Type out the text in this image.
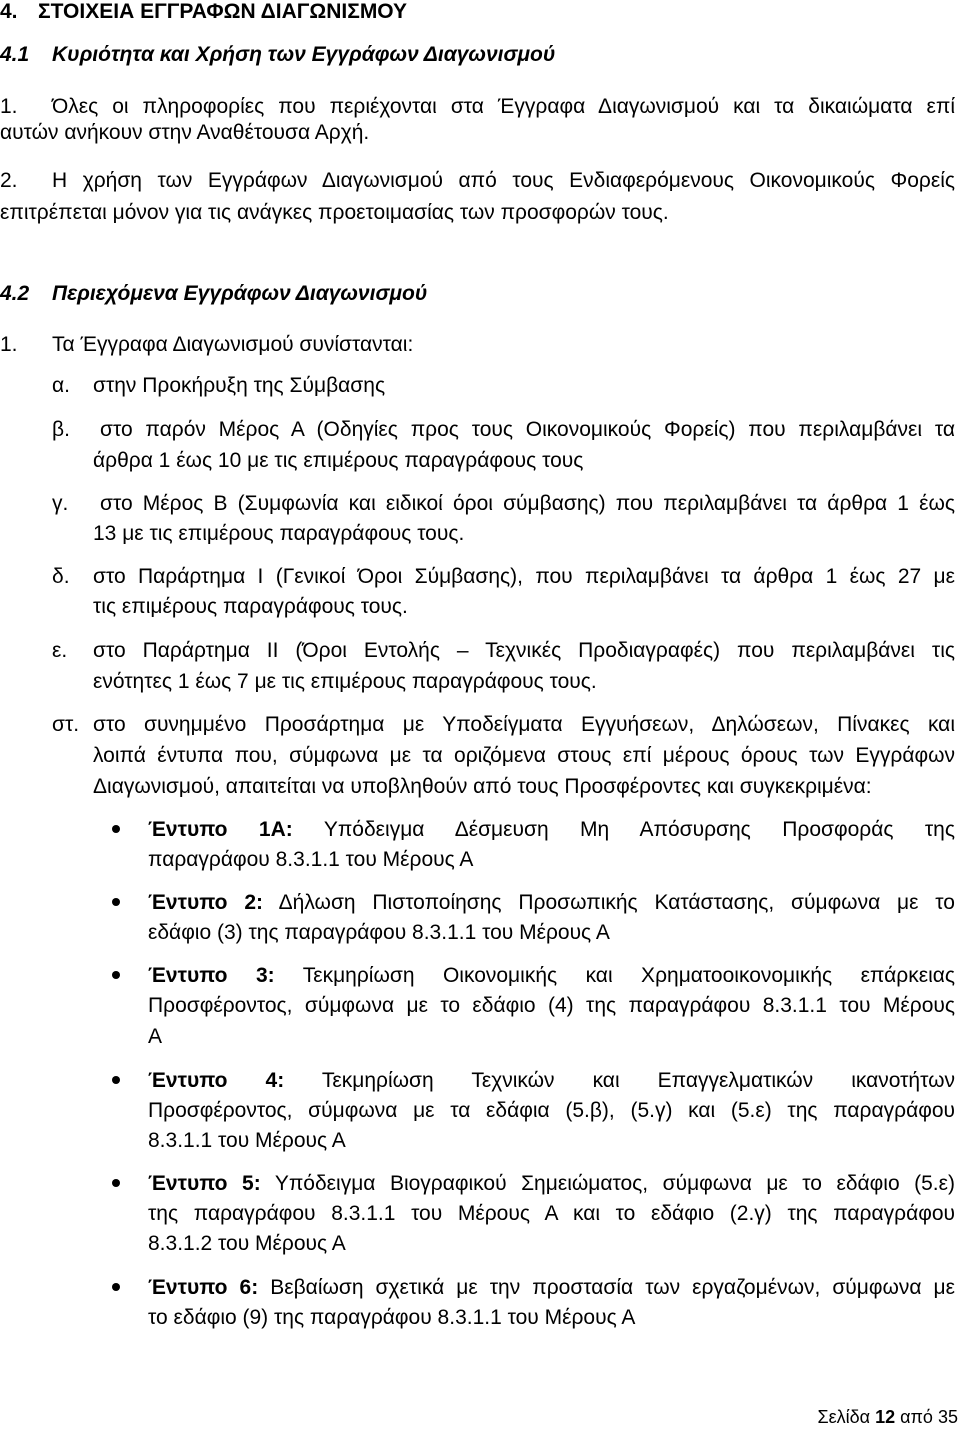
4. ΣΤΟΙΧΕΙΑ ΕΓΓΡΑΦΩΝ ΔΙΑΓΩΝΙΣΜΟΥ
4.1 Κυριότητα και Χρήση των Εγγράφων Διαγωνισμού
1. Όλες οι πληροφορίες που περιέχονται στα Έγγραφα Διαγωνισμού και τα δικαιώματα επί
αυτών ανήκουν στην Αναθέτουσα Αρχή.
2. Η χρήση των Εγγράφων Διαγωνισμού από τους Ενδιαφερόμενους Οικονομικούς Φορείς
επιτρέπεται μόνον για τις ανάγκες προετοιμασίας των προσφορών τους.
4.2 Περιεχόμενα Εγγράφων Διαγωνισμού
1. Τα Έγγραφα Διαγωνισμού συνίστανται:
α. στην Προκήρυξη της Σύμβασης
β. στο παρόν Μέρος Α (Οδηγίες προς τους Οικονομικούς Φορείς) που περιλαμβάνει τα
άρθρα 1 έως 10 με τις επιμέρους παραγράφους τους
γ. στο Μέρος Β (Συμφωνία και ειδικοί όροι σύμβασης) που περιλαμβάνει τα άρθρα 1 έως
13 με τις επιμέρους παραγράφους τους.
δ. στο Παράρτημα Ι (Γενικοί Όροι Σύμβασης), που περιλαμβάνει τα άρθρα 1 έως 27 με
τις επιμέρους παραγράφους τους.
ε. στο Παράρτημα ΙΙ (Όροι Εντολής – Τεχνικές Προδιαγραφές) που περιλαμβάνει τις
ενότητες 1 έως 7 με τις επιμέρους παραγράφους τους.
στ. στο συνημμένο Προσάρτημα με Υποδείγματα Εγγυήσεων, Δηλώσεων, Πίνακες και
λοιπά έντυπα που, σύμφωνα με τα οριζόμενα στους επί μέρους όρους των Εγγράφων
Διαγωνισμού, απαιτείται να υποβληθούν από τους Προσφέροντες και συγκεκριμένα:
Έντυπο 1Α: Υπόδειγμα Δέσμευση Μη Απόσυρσης Προσφοράς της
παραγράφου 8.3.1.1 του Μέρους Α
Έντυπο 2: Δήλωση Πιστοποίησης Προσωπικής Κατάστασης, σύμφωνα με το
εδάφιο (3) της παραγράφου 8.3.1.1 του Μέρους Α
Έντυπο 3: Τεκμηρίωση Οικονομικής και Χρηματοοικονομικής επάρκειας
Προσφέροντος, σύμφωνα με το εδάφιο (4) της παραγράφου 8.3.1.1 του Μέρους
Α
Έντυπο 4: Τεκμηρίωση Τεχνικών και Επαγγελματικών ικανοτήτων
Προσφέροντος, σύμφωνα με τα εδάφια (5.β), (5.γ) και (5.ε) της παραγράφου
8.3.1.1 του Μέρους Α
Έντυπο 5: Υπόδειγμα Βιογραφικού Σημειώματος, σύμφωνα με το εδάφιο (5.ε)
της παραγράφου 8.3.1.1 του Μέρους Α και το εδάφιο (2.γ) της παραγράφου
8.3.1.2 του Μέρους Α
Έντυπο 6: Βεβαίωση σχετικά με την προστασία των εργαζομένων, σύμφωνα με
το εδάφιο (9) της παραγράφου 8.3.1.1 του Μέρους Α
Σελίδα 12 από 35
